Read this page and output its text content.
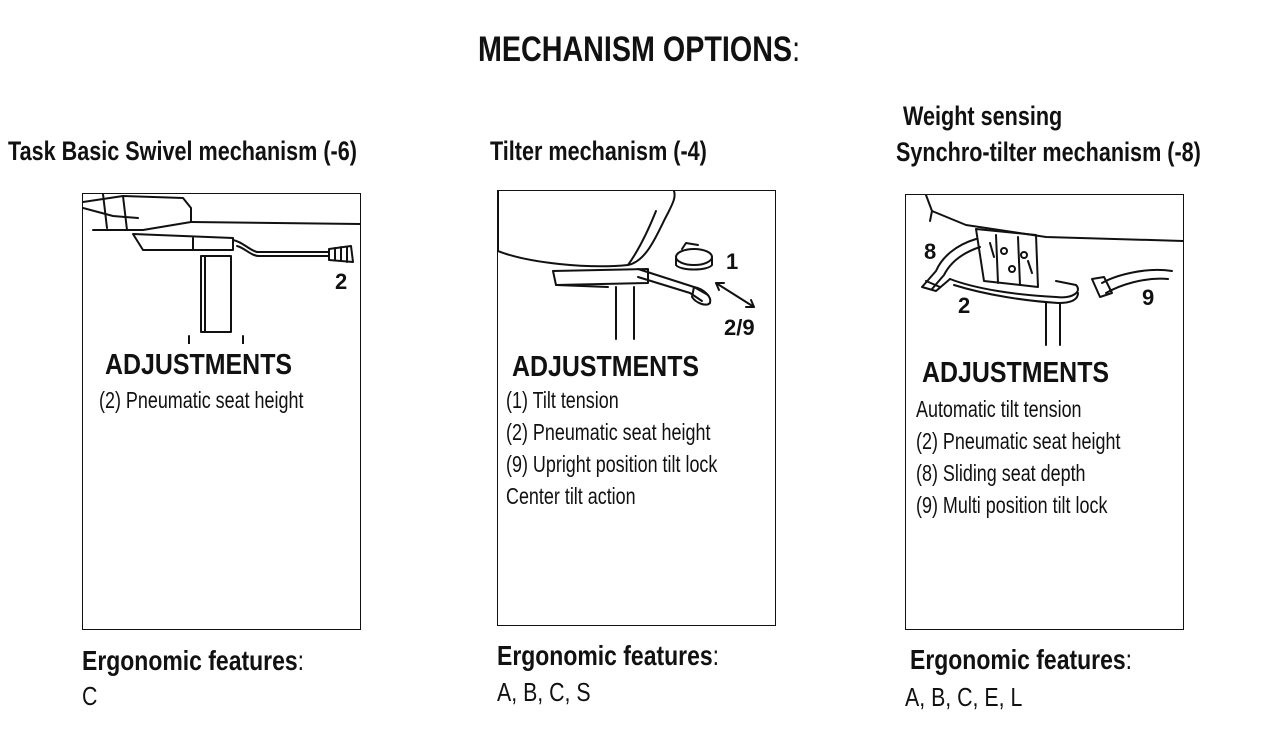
MECHANISM OPTIONS:
Task Basic Swivel mechanism (-6)
2
ADJUSTMENTS
(2) Pneumatic seat height
Ergonomic features:
C
Tilter mechanism (-4)
1
2/9
ADJUSTMENTS
(1) Tilt tension
(2) Pneumatic seat height
(9) Upright position tilt lock
Center tilt action
Ergonomic features:
A, B, C, S
Weight sensing
Synchro-tilter mechanism (-8)
8
2	9
ADJUSTMENTS
Automatic tilt tension
(2) Pneumatic seat height
(8) Sliding seat depth
(9) Multi position tilt lock
Ergonomic features:
A, B, C, E, L
